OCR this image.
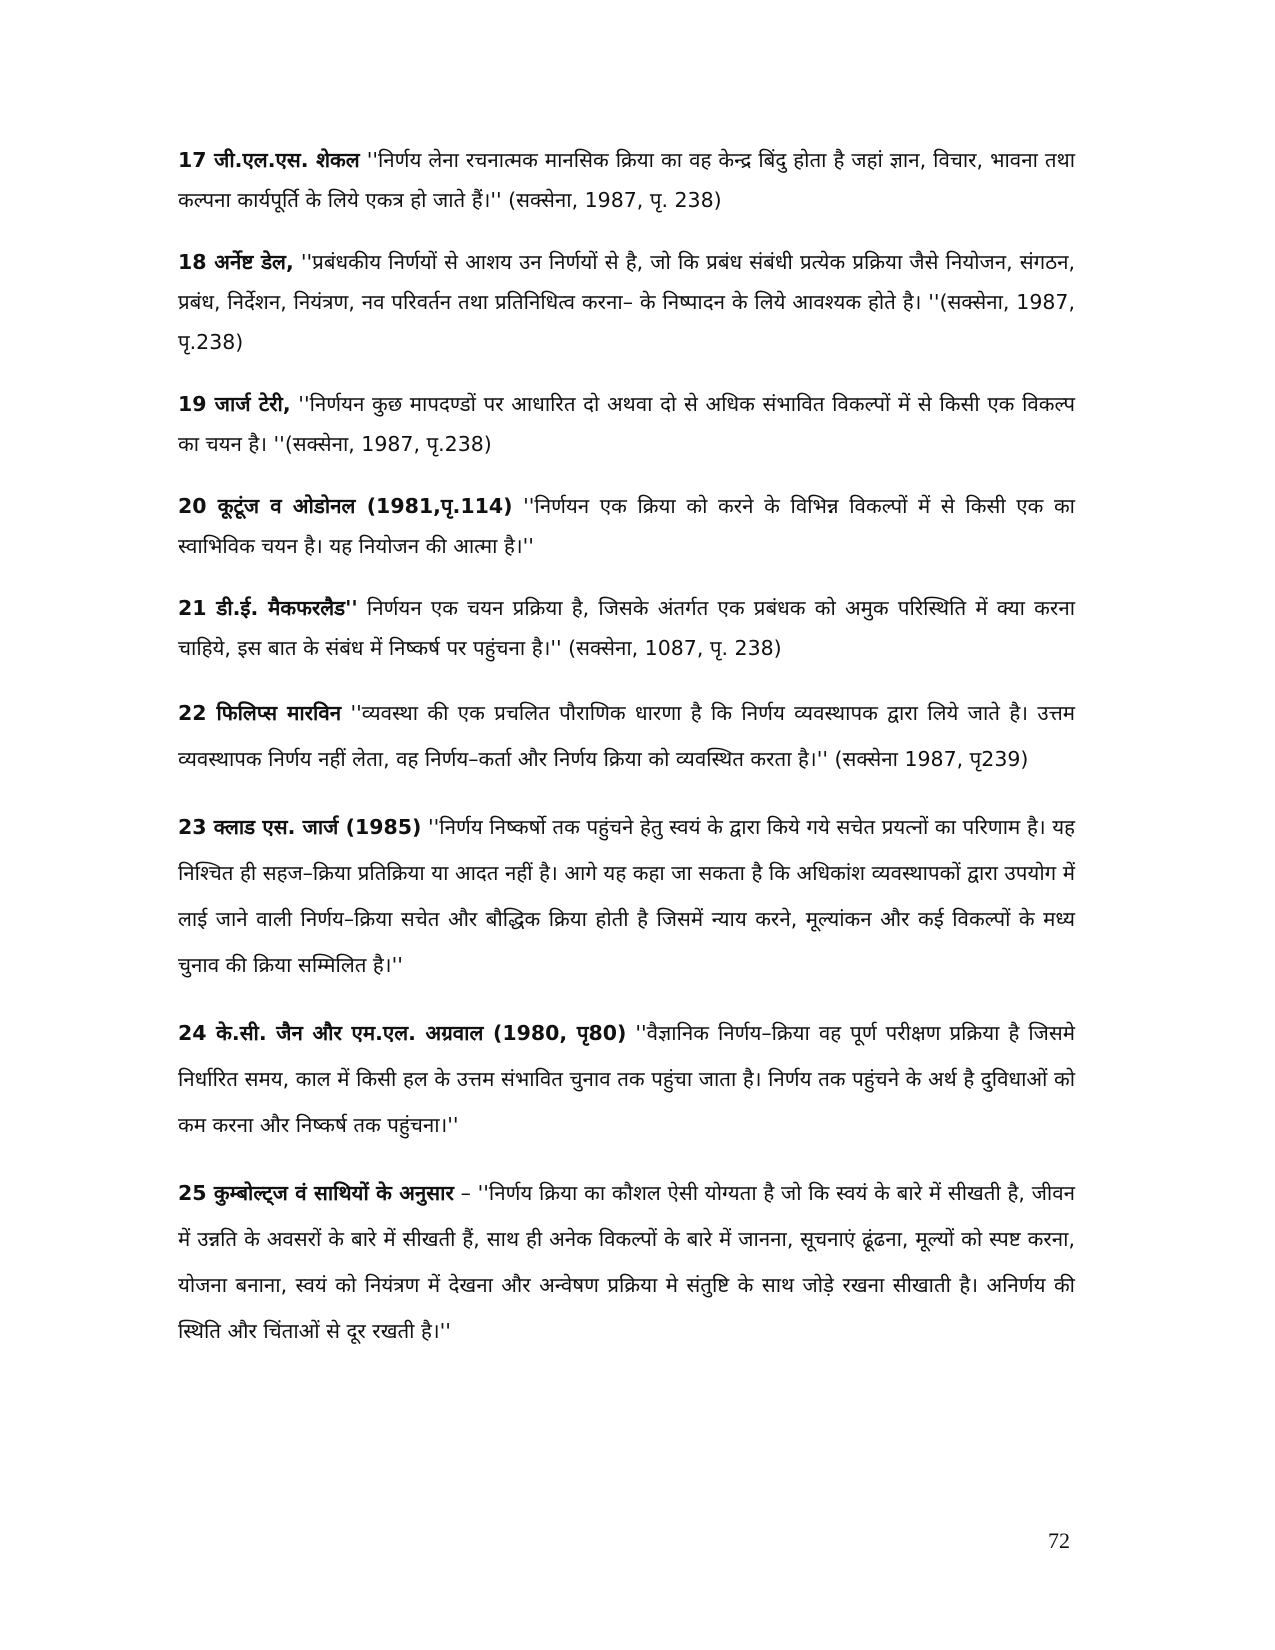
17 जी.एल.एस. शेकल ''निर्णय लेना रचनात्मक मानसिक क्रिया का वह केन्द्र बिंदु होता है जहां ज्ञान, विचार, भावना तथा कल्पना कार्यपूर्ति के लिये एकत्र हो जाते हैं।'' (सक्सेना, 1987, पृ. 238)

18 अर्नेष्ट डेल, ''प्रबंधकीय निर्णयों से आशय उन निर्णयों से है, जो कि प्रबंध संबंधी प्रत्येक प्रक्रिया जैसे नियोजन, संगठन, प्रबंध, निर्देशन, नियंत्रण, नव परिवर्तन तथा प्रतिनिधित्व करना– के निष्पादन के लिये आवश्यक होते है। ''(सक्सेना, 1987, पृ.238)

19 जार्ज टेरी, ''निर्णयन कुछ मापदण्डों पर आधारित दो अथवा दो से अधिक संभावित विकल्पों में से किसी एक विकल्प का चयन है। ''(सक्सेना, 1987, पृ.238)

20 कूटूंज व ओडोनल (1981,पृ.114) ''निर्णयन एक क्रिया को करने के विभिन्न विकल्पों में से किसी एक का स्वाभिविक चयन है। यह नियोजन की आत्मा है।''

21 डी.ई. मैकफरलैड'' निर्णयन एक चयन प्रक्रिया है, जिसके अंतर्गत एक प्रबंधक को अमुक परिस्थिति में क्या करना चाहिये, इस बात के संबंध में निष्कर्ष पर पहुंचना है।'' (सक्सेना, 1087, पृ. 238)

22 फिलिप्स मारविन ''व्यवस्था की एक प्रचलित पौराणिक धारणा है कि निर्णय व्यवस्थापक द्वारा लिये जाते है। उत्तम व्यवस्थापक निर्णय नहीं लेता, वह निर्णय–कर्ता और निर्णय क्रिया को व्यवस्थित करता है।'' (सक्सेना 1987, पृ239)

23 क्लाड एस. जार्ज (1985) ''निर्णय निष्कर्षो तक पहुंचने हेतु स्वयं के द्वारा किये गये सचेत प्रयत्नों का परिणाम है। यह निश्चित ही सहज–क्रिया प्रतिक्रिया या आदत नहीं है। आगे यह कहा जा सकता है कि अधिकांश व्यवस्थापकों द्वारा उपयोग में लाई जाने वाली निर्णय–क्रिया सचेत और बौद्धिक क्रिया होती है जिसमें न्याय करने, मूल्यांकन और कई विकल्पों के मध्य चुनाव की क्रिया सम्मिलित है।''

24 के.सी. जैन और एम.एल. अग्रवाल (1980, पृ80) ''वैज्ञानिक निर्णय–क्रिया वह पूर्ण परीक्षण प्रक्रिया है जिसमे निर्धारित समय, काल में किसी हल के उत्तम संभावित चुनाव तक पहुंचा जाता है। निर्णय तक पहुंचने के अर्थ है दुविधाओं को कम करना और निष्कर्ष तक पहुंचना।''

25 कुम्बोल्ट्ज वं साथियों के अनुसार – ''निर्णय क्रिया का कौशल ऐसी योग्यता है जो कि स्वयं के बारे में सीखती है, जीवन में उन्नति के अवसरों के बारे में सीखती हैं, साथ ही अनेक विकल्पों के बारे में जानना, सूचनाएं ढूंढना, मूल्यों को स्पष्ट करना, योजना बनाना, स्वयं को नियंत्रण में देखना और अन्वेषण प्रक्रिया मे संतुष्टि के साथ जोड़े रखना सीखाती है। अनिर्णय की स्थिति और चिंताओं से दूर रखती है।''

72
